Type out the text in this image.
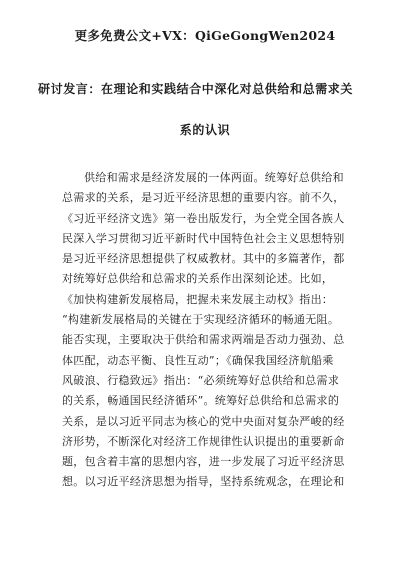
更多免费公文+VX：QiGeGongWen2024
研讨发言：在理论和实践结合中深化对总供给和总需求关
系的认识
供给和需求是经济发展的一体两面。统筹好总供给和
总需求的关系，是习近平经济思想的重要内容。前不久，
《习近平经济文选》第一卷出版发行，为全党全国各族人
民深入学习贯彻习近平新时代中国特色社会主义思想特别
是习近平经济思想提供了权威教材。其中的多篇著作，都
对统筹好总供给和总需求的关系作出深刻论述。比如，
《加快构建新发展格局，把握未来发展主动权》指出：
“构建新发展格局的关键在于实现经济循环的畅通无阻。
能否实现，主要取决于供给和需求两端是否动力强劲、总
体匹配，动态平衡、良性互动”；《确保我国经济航船乘
风破浪、行稳致远》指出：“必须统筹好总供给和总需求
的关系，畅通国民经济循环”。统筹好总供给和总需求的
关系，是以习近平同志为核心的党中央面对复杂严峻的经
济形势，不断深化对经济工作规律性认识提出的重要新命
题，包含着丰富的思想内容，进一步发展了习近平经济思
想。以习近平经济思想为指导，坚持系统观念，在理论和
